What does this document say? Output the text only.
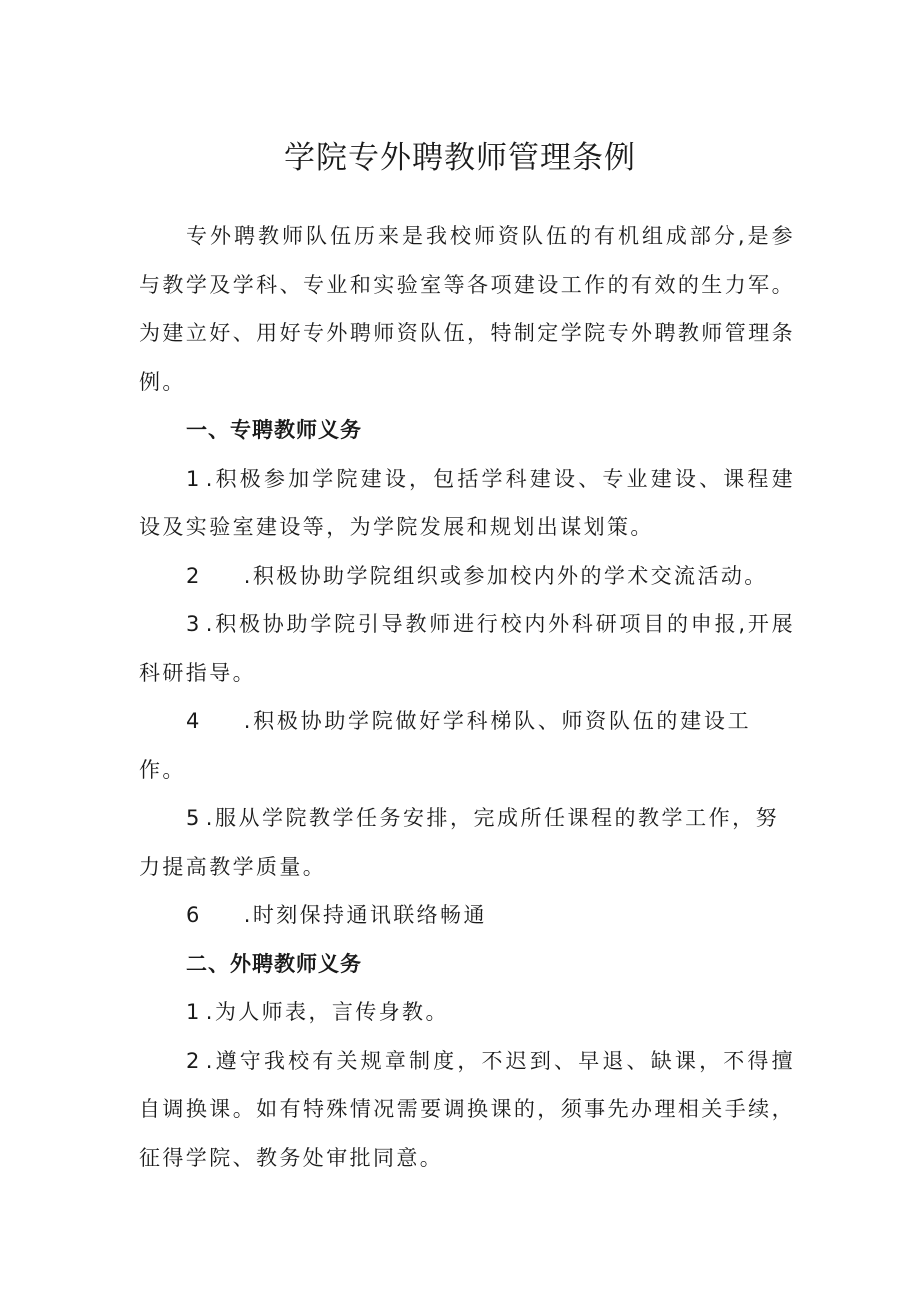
学院专外聘教师管理条例

专外聘教师队伍历来是我校师资队伍的有机组成部分,是参与教学及学科、专业和实验室等各项建设工作的有效的生力军。为建立好、用好专外聘师资队伍，特制定学院专外聘教师管理条例。

一、专聘教师义务

1 .积极参加学院建设，包括学科建设、专业建设、课程建设及实验室建设等，为学院发展和规划出谋划策。

2 .积极协助学院组织或参加校内外的学术交流活动。

3 .积极协助学院引导教师进行校内外科研项目的申报,开展科研指导。

4 .积极协助学院做好学科梯队、师资队伍的建设工作。

5 .服从学院教学任务安排，完成所任课程的教学工作，努力提高教学质量。

6 .时刻保持通讯联络畅通

二、外聘教师义务

1 .为人师表，言传身教。

2 .遵守我校有关规章制度，不迟到、早退、缺课，不得擅自调换课。如有特殊情况需要调换课的，须事先办理相关手续，征得学院、教务处审批同意。
